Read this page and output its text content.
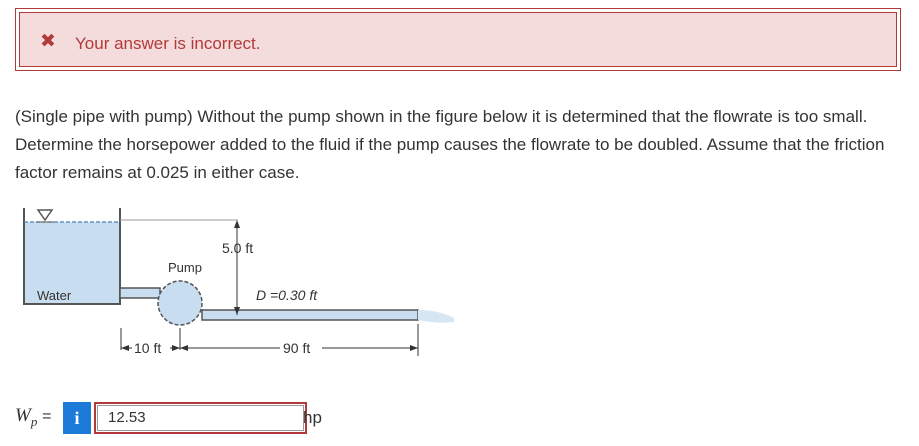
✖ Your answer is incorrect.
(Single pipe with pump) Without the pump shown in the figure below it is determined that the flowrate is too small. Determine the horsepower added to the fluid if the pump causes the flowrate to be doubled. Assume that the friction factor remains at 0.025 in either case.
Water
Pump
5.0 ft
D =0.30 ft
10 ft	90 ft
$W_p$ =	i	12.53	hp
